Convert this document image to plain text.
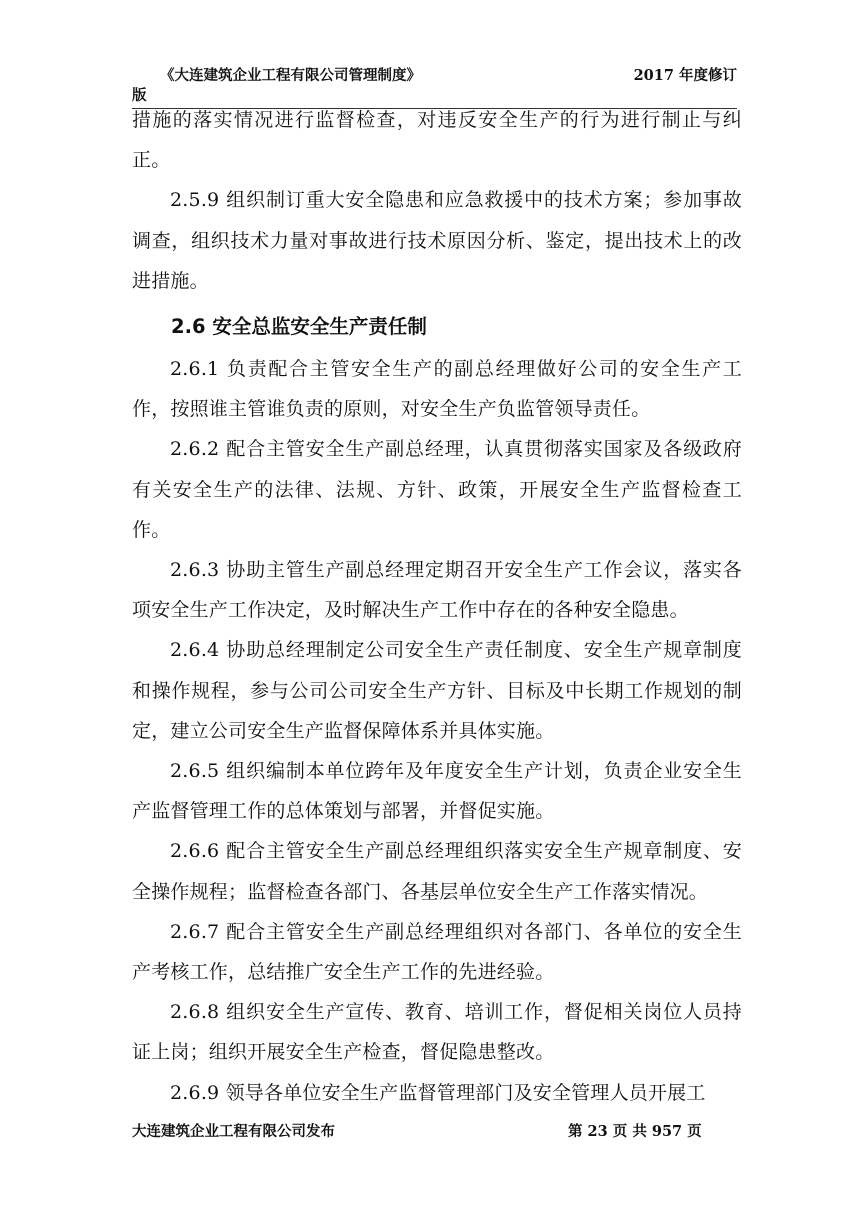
《大连建筑企业工程有限公司管理制度》	2017 年度修订
版

措施的落实情况进行监督检查，对违反安全生产的行为进行制止与纠正。

2.5.9 组织制订重大安全隐患和应急救援中的技术方案；参加事故调查，组织技术力量对事故进行技术原因分析、鉴定，提出技术上的改进措施。

2.6 安全总监安全生产责任制

2.6.1 负责配合主管安全生产的副总经理做好公司的安全生产工作，按照谁主管谁负责的原则，对安全生产负监管领导责任。

2.6.2 配合主管安全生产副总经理，认真贯彻落实国家及各级政府有关安全生产的法律、法规、方针、政策，开展安全生产监督检查工作。

2.6.3 协助主管生产副总经理定期召开安全生产工作会议，落实各项安全生产工作决定，及时解决生产工作中存在的各种安全隐患。

2.6.4 协助总经理制定公司安全生产责任制度、安全生产规章制度和操作规程，参与公司公司安全生产方针、目标及中长期工作规划的制定，建立公司安全生产监督保障体系并具体实施。

2.6.5 组织编制本单位跨年及年度安全生产计划，负责企业安全生产监督管理工作的总体策划与部署，并督促实施。

2.6.6 配合主管安全生产副总经理组织落实安全生产规章制度、安全操作规程；监督检查各部门、各基层单位安全生产工作落实情况。

2.6.7 配合主管安全生产副总经理组织对各部门、各单位的安全生产考核工作，总结推广安全生产工作的先进经验。

2.6.8 组织安全生产宣传、教育、培训工作，督促相关岗位人员持证上岗；组织开展安全生产检查，督促隐患整改。

2.6.9 领导各单位安全生产监督管理部门及安全管理人员开展工

大连建筑企业工程有限公司发布	第 23 页 共 957 页
